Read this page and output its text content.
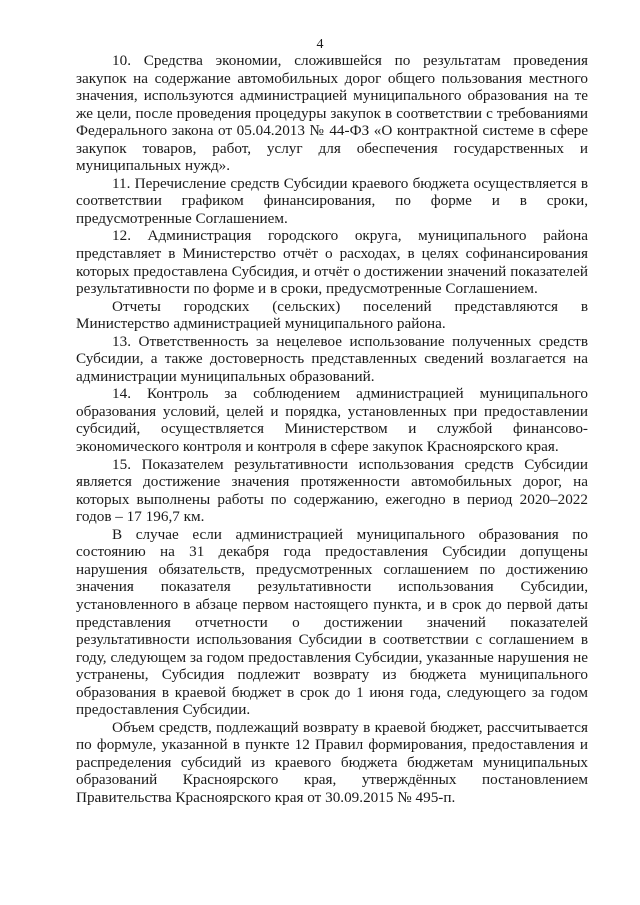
4

10. Средства экономии, сложившейся по результатам проведения закупок на содержание автомобильных дорог общего пользования местного значения, используются администрацией муниципального образования на те же цели, после проведения процедуры закупок в соответствии с требованиями Федерального закона от 05.04.2013 № 44-ФЗ «О контрактной системе в сфере закупок товаров, работ, услуг для обеспечения государственных и муниципальных нужд».

11. Перечисление средств Субсидии краевого бюджета осуществляется в соответствии графиком финансирования, по форме и в сроки, предусмотренные Соглашением.

12. Администрация городского округа, муниципального района представляет в Министерство отчёт о расходах, в целях софинансирования которых предоставлена Субсидия, и отчёт о достижении значений показателей результативности по форме и в сроки, предусмотренные Соглашением.

Отчеты городских (сельских) поселений представляются в Министерство администрацией муниципального района.

13. Ответственность за нецелевое использование полученных средств Субсидии, а также достоверность представленных сведений возлагается на администрации муниципальных образований.

14. Контроль за соблюдением администрацией муниципального образования условий, целей и порядка, установленных при предоставлении субсидий, осуществляется Министерством и службой финансово-экономического контроля и контроля в сфере закупок Красноярского края.

15. Показателем результативности использования средств Субсидии является достижение значения протяженности автомобильных дорог, на которых выполнены работы по содержанию, ежегодно в период 2020–2022 годов – 17 196,7 км.

В случае если администрацией муниципального образования по состоянию на 31 декабря года предоставления Субсидии допущены нарушения обязательств, предусмотренных соглашением по достижению значения показателя результативности использования Субсидии, установленного в абзаце первом настоящего пункта, и в срок до первой даты представления отчетности о достижении значений показателей результативности использования Субсидии в соответствии с соглашением в году, следующем за годом предоставления Субсидии, указанные нарушения не устранены, Субсидия подлежит возврату из бюджета муниципального образования в краевой бюджет в срок до 1 июня года, следующего за годом предоставления Субсидии.

Объем средств, подлежащий возврату в краевой бюджет, рассчитывается по формуле, указанной в пункте 12 Правил формирования, предоставления и распределения субсидий из краевого бюджета бюджетам муниципальных образований Красноярского края, утверждённых постановлением Правительства Красноярского края от 30.09.2015 № 495-п.
